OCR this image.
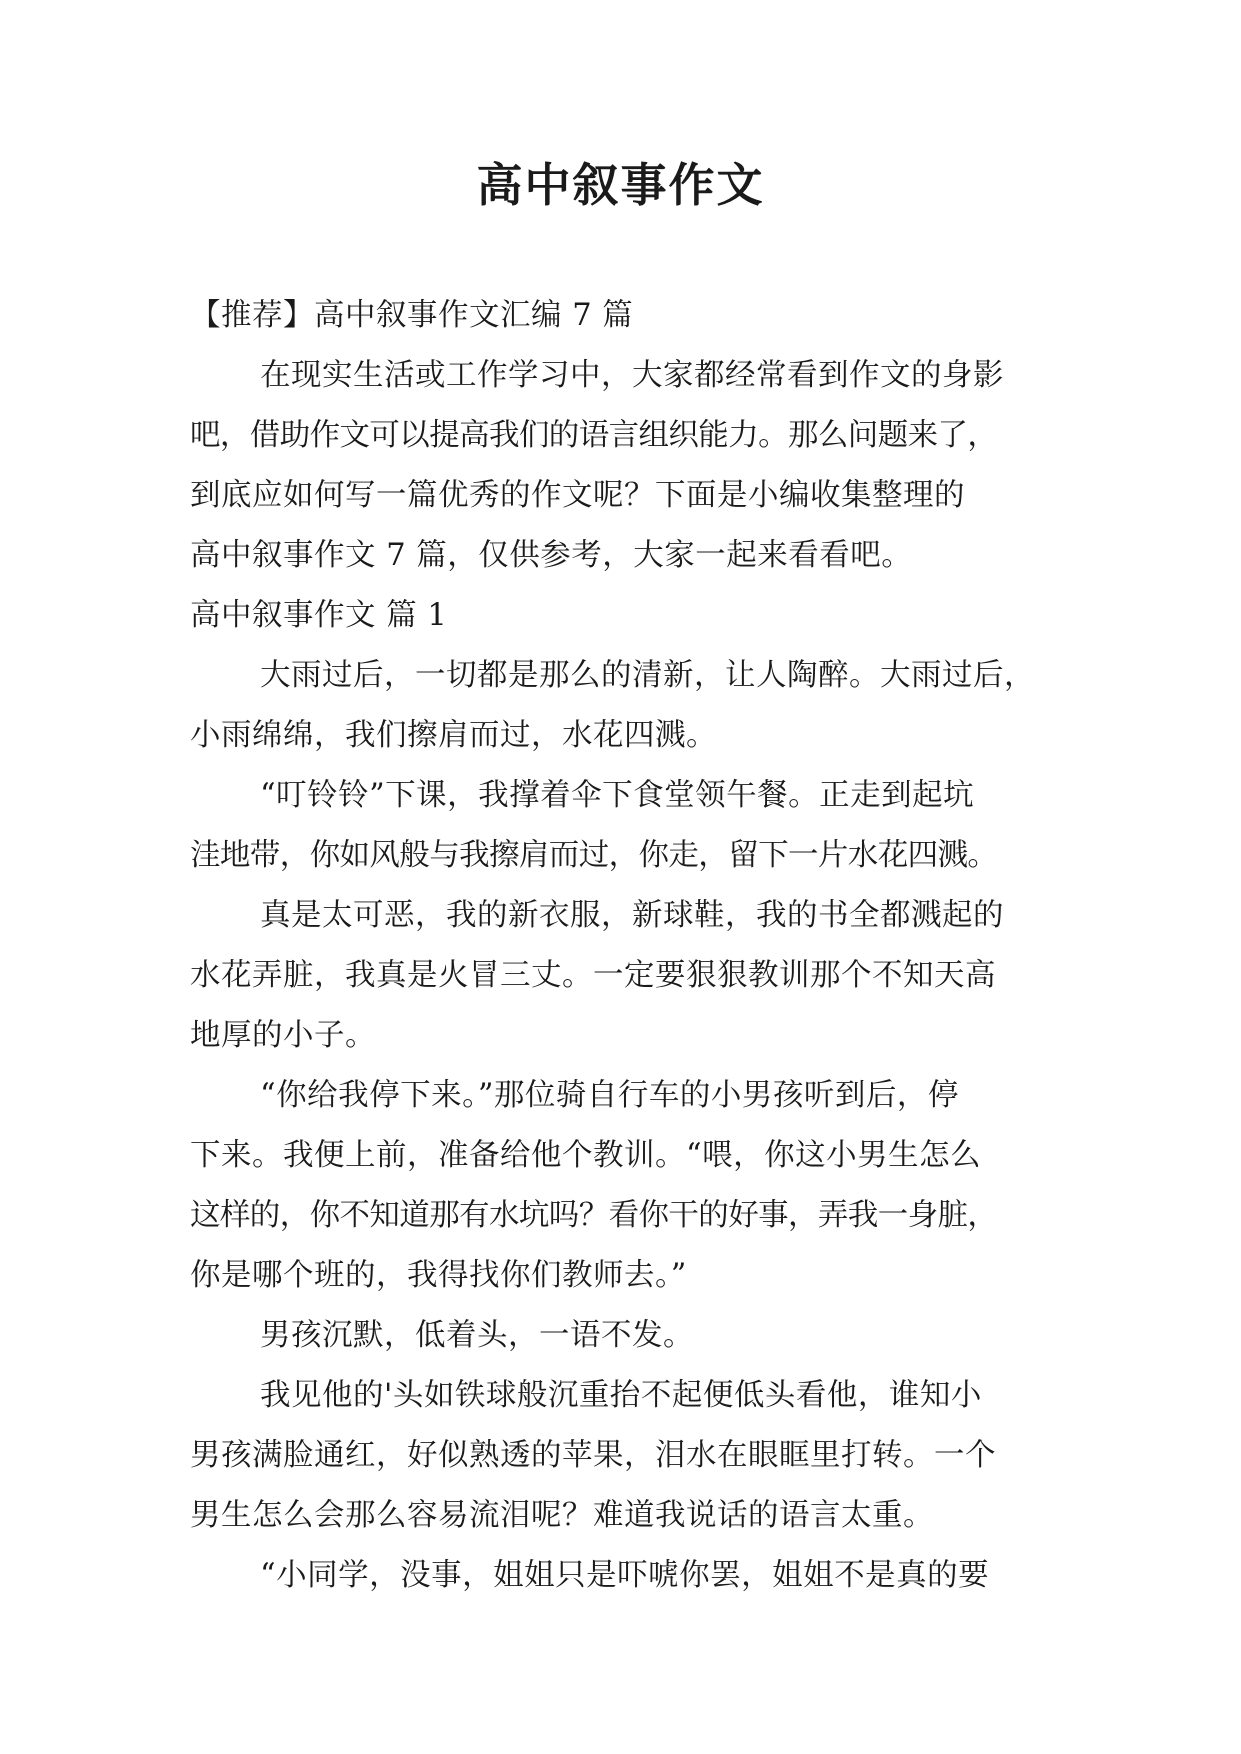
高中叙事作文
【推荐】高中叙事作文汇编 7 篇
在现实生活或工作学习中，大家都经常看到作文的身影
吧，借助作文可以提高我们的语言组织能力。那么问题来了，
到底应如何写一篇优秀的作文呢？下面是小编收集整理的
高中叙事作文 7 篇，仅供参考，大家一起来看看吧。
高中叙事作文 篇 1
大雨过后，一切都是那么的清新，让人陶醉。大雨过后，
小雨绵绵，我们擦肩而过，水花四溅。
“叮铃铃”下课，我撑着伞下食堂领午餐。正走到起坑
洼地带，你如风般与我擦肩而过，你走，留下一片水花四溅。
真是太可恶，我的新衣服，新球鞋，我的书全都溅起的
水花弄脏，我真是火冒三丈。一定要狠狠教训那个不知天高
地厚的小子。
“你给我停下来。”那位骑自行车的小男孩听到后，停
下来。我便上前，准备给他个教训。“喂，你这小男生怎么
这样的，你不知道那有水坑吗？看你干的好事，弄我一身脏，
你是哪个班的，我得找你们教师去。”
男孩沉默，低着头，一语不发。
我见他的'头如铁球般沉重抬不起便低头看他，谁知小
男孩满脸通红，好似熟透的苹果，泪水在眼眶里打转。一个
男生怎么会那么容易流泪呢？难道我说话的语言太重。
“小同学，没事，姐姐只是吓唬你罢，姐姐不是真的要
